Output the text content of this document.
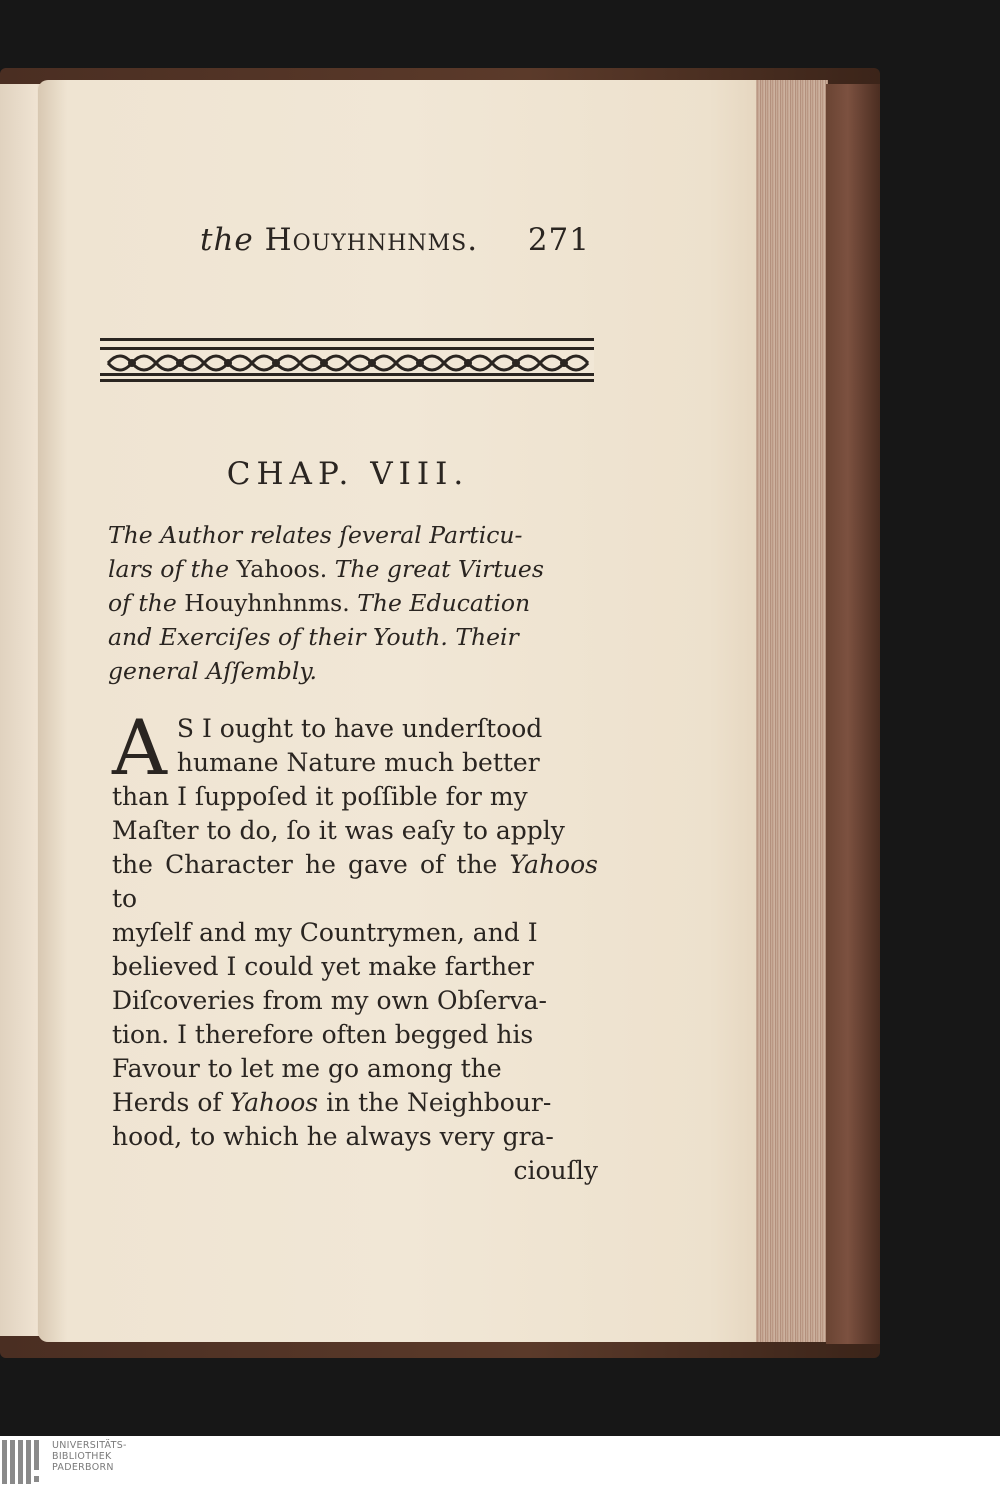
the Houyhnhnms. 271
CHAP. VIII.
The Author relates ſeveral Particu-
lars of the Yahoos. The great Virtues
of the Houyhnhnms. The Education
and Exerciſes of their Youth. Their
general Aſſembly.
A S I ought to have underſtood
humane Nature much better
than I ſuppoſed it poſſible for my
Maſter to do, ſo it was eaſy to apply
the Character he gave of the Yahoos to
myſelf and my Countrymen, and I
believed I could yet make farther
Diſcoveries from my own Obſerva-
tion. I therefore often begged his
Favour to let me go among the
Herds of Yahoos in the Neighbour-
hood, to which he always very gra-
ciouſly
UNIVERSITÄTS-
BIBLIOTHEK
PADERBORN
